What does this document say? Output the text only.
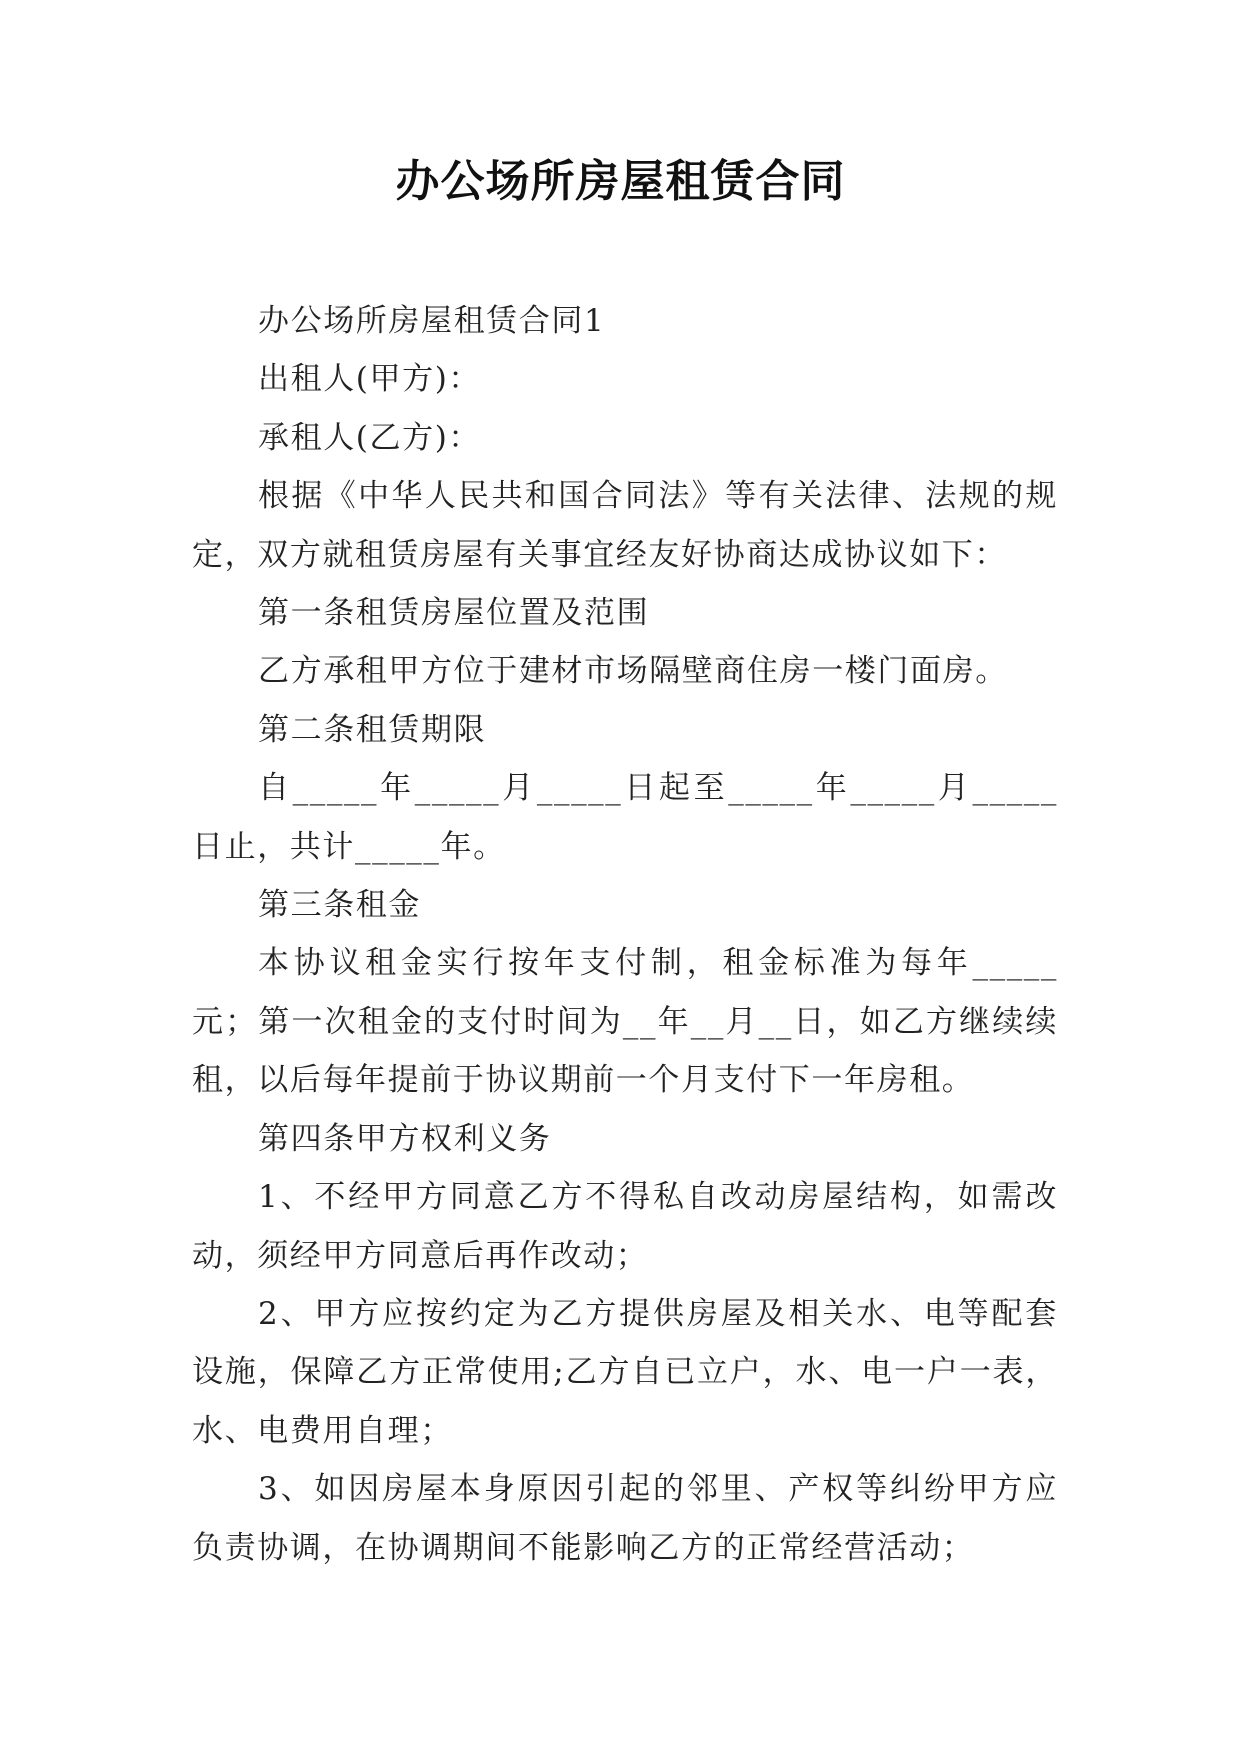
办公场所房屋租赁合同

办公场所房屋租赁合同1

出租人(甲方)：

承租人(乙方)：

根据《中华人民共和国合同法》等有关法律、法规的规定，双方就租赁房屋有关事宜经友好协商达成协议如下：

第一条租赁房屋位置及范围

乙方承租甲方位于建材市场隔壁商住房一楼门面房。

第二条租赁期限

自_____年_____月_____日起至_____年_____月_____日止，共计_____年。

第三条租金

本协议租金实行按年支付制，租金标准为每年_____元；第一次租金的支付时间为__年__月__日，如乙方继续续租，以后每年提前于协议期前一个月支付下一年房租。

第四条甲方权利义务

1、不经甲方同意乙方不得私自改动房屋结构，如需改动，须经甲方同意后再作改动；

2、甲方应按约定为乙方提供房屋及相关水、电等配套设施，保障乙方正常使用;乙方自已立户，水、电一户一表，水、电费用自理；

3、如因房屋本身原因引起的邻里、产权等纠纷甲方应负责协调，在协调期间不能影响乙方的正常经营活动；
